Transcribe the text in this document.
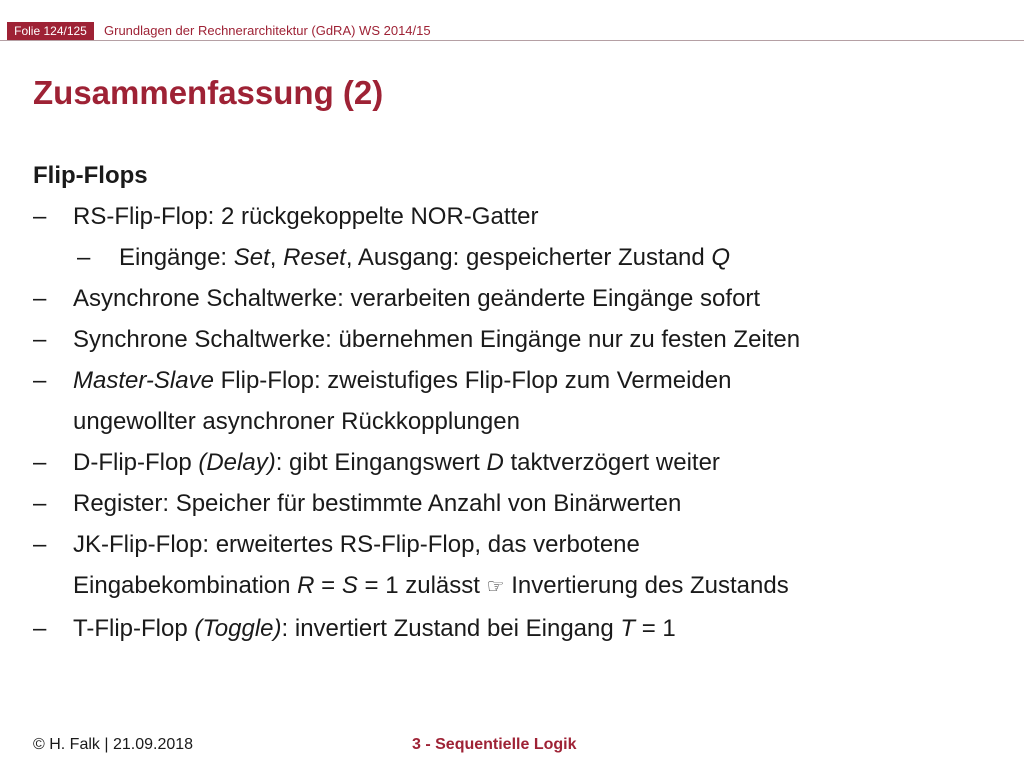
Folie 124/125	Grundlagen der Rechnerarchitektur (GdRA) WS 2014/15
Zusammenfassung (2)
Flip-Flops
– RS-Flip-Flop: 2 rückgekoppelte NOR-Gatter
– Eingänge: Set, Reset, Ausgang: gespeicherter Zustand Q
– Asynchrone Schaltwerke: verarbeiten geänderte Eingänge sofort
– Synchrone Schaltwerke: übernehmen Eingänge nur zu festen Zeiten
– Master-Slave Flip-Flop: zweistufiges Flip-Flop zum Vermeiden
ungewollter asynchroner Rückkopplungen
– D-Flip-Flop (Delay): gibt Eingangswert D taktverzögert weiter
– Register: Speicher für bestimmte Anzahl von Binärwerten
– JK-Flip-Flop: erweitertes RS-Flip-Flop, das verbotene
Eingabekombination R = S = 1 zulässt ☞ Invertierung des Zustands
– T-Flip-Flop (Toggle): invertiert Zustand bei Eingang T = 1
© H. Falk | 21.09.2018	3 - Sequentielle Logik
